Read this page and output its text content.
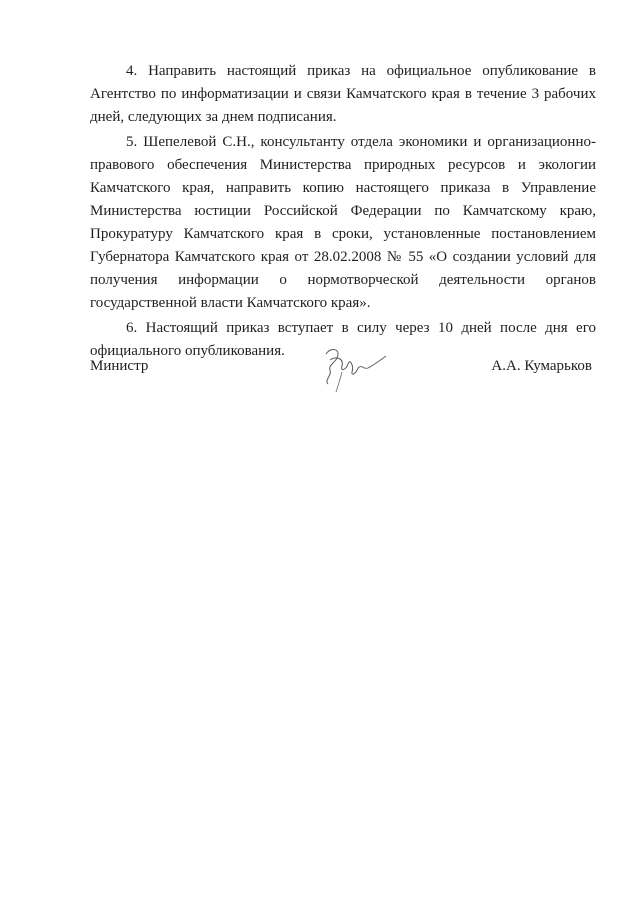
4. Направить настоящий приказ на официальное опубликование в Агентство по информатизации и связи Камчатского края в течение 3 рабочих дней, следующих за днем подписания.

5. Шепелевой С.Н., консультанту отдела экономики и организационно-правового обеспечения Министерства природных ресурсов и экологии Камчатского края, направить копию настоящего приказа в Управление Министерства юстиции Российской Федерации по Камчатскому краю, Прокуратуру Камчатского края в сроки, установленные постановлением Губернатора Камчатского края от 28.02.2008 № 55 «О создании условий для получения информации о нормотворческой деятельности органов государственной власти Камчатского края».

6. Настоящий приказ вступает в силу через 10 дней после дня его официального опубликования.

Министр	А.А. Кумарьков
